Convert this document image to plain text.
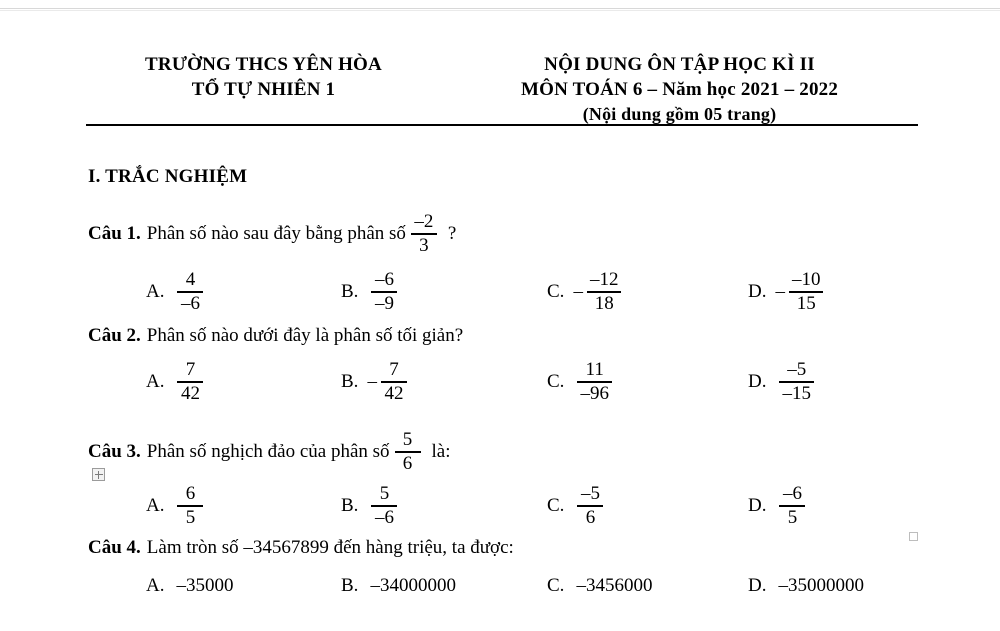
TRƯỜNG THCS YÊN HÒA
TỔ TỰ NHIÊN 1
NỘI DUNG ÔN TẬP HỌC KÌ II
MÔN TOÁN 6 – Năm học 2021 – 2022
(Nội dung gồm 05 trang)
I. TRẮC NGHIỆM
Câu 1. Phân số nào sau đây bằng phân số $\frac{-2}{3}$ ?
A. $\frac{4}{-6}$	B. $\frac{-6}{-9}$	C. – $\frac{-12}{18}$	D. – $\frac{-10}{15}$
Câu 2. Phân số nào dưới đây là phân số tối giản?
A. $\frac{7}{42}$	B. – $\frac{7}{42}$	C. $\frac{11}{-96}$	D. $\frac{-5}{-15}$
Câu 3. Phân số nghịch đảo của phân số $\frac{5}{6}$ là:
A. $\frac{6}{5}$	B. $\frac{5}{-6}$	C. $\frac{-5}{6}$	D. $\frac{-6}{5}$
Câu 4. Làm tròn số –34567899 đến hàng triệu, ta được:
A. –35000	B. –34000000	C. –3456000	D. –35000000
